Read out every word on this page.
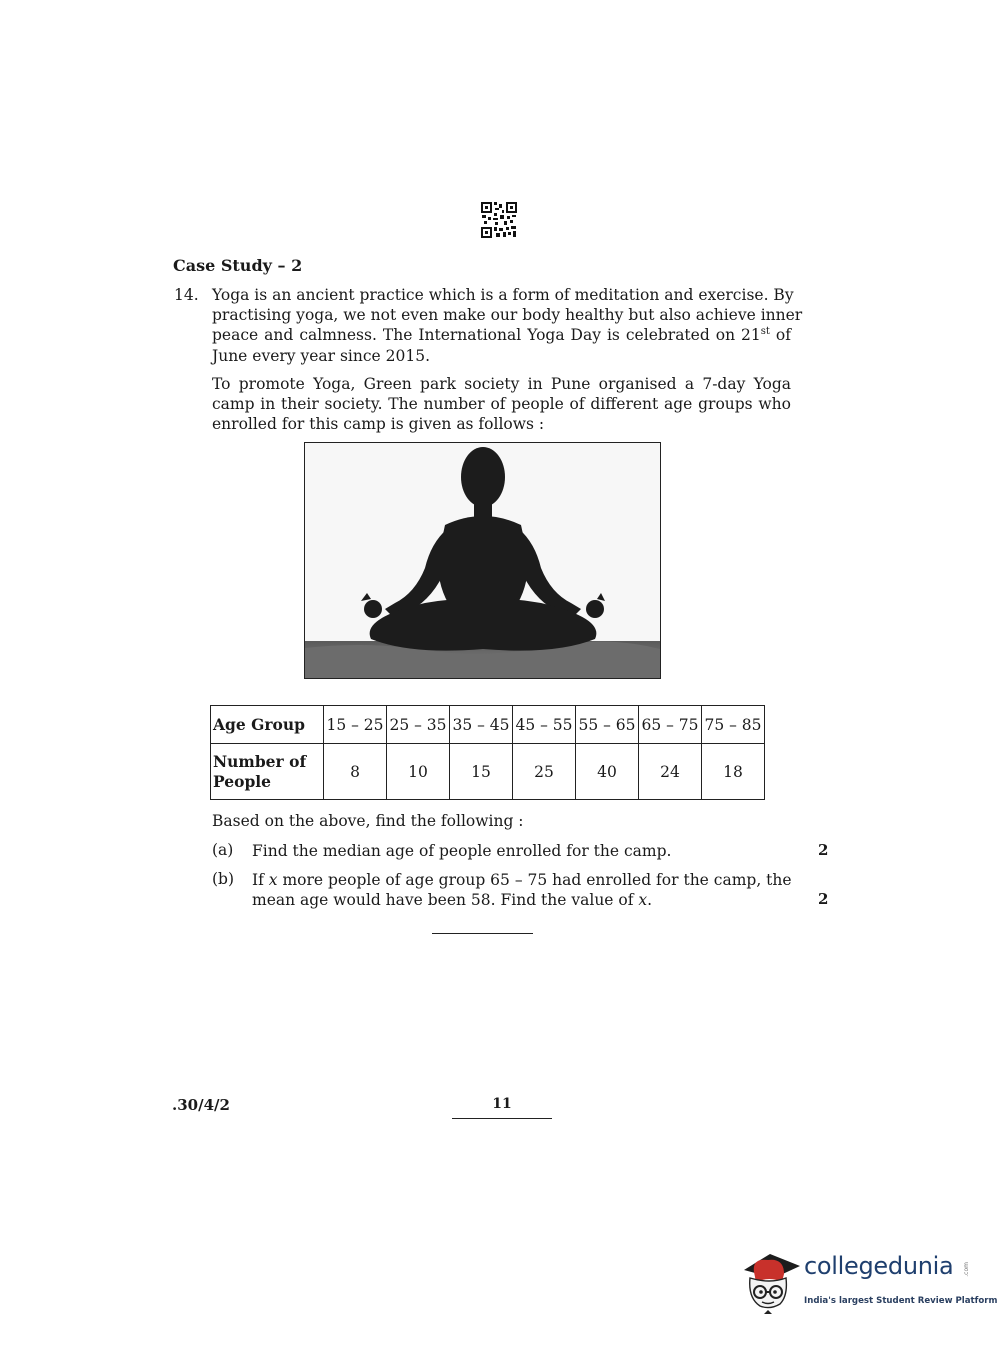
Case Study – 2
14. Yoga is an ancient practice which is a form of meditation and exercise. By
practising yoga, we not even make our body healthy but also achieve inner
peace and calmness. The International Yoga Day is celebrated on 21st of
June every year since 2015.
To promote Yoga, Green park society in Pune organised a 7-day Yoga
camp in their society. The number of people of different age groups who
enrolled for this camp is given as follows :
Age Group	15 – 25	25 – 35	35 – 45	45 – 55	55 – 65	65 – 75	75 – 85
Number of
People	8	10	15	25	40	24	18
Based on the above, find the following :
(a) Find the median age of people enrolled for the camp.	2
(b) If x more people of age group 65 – 75 had enrolled for the camp, the
mean age would have been 58. Find the value of x.	2
.30/4/2	11
collegedunia .com
India's largest Student Review Platform
